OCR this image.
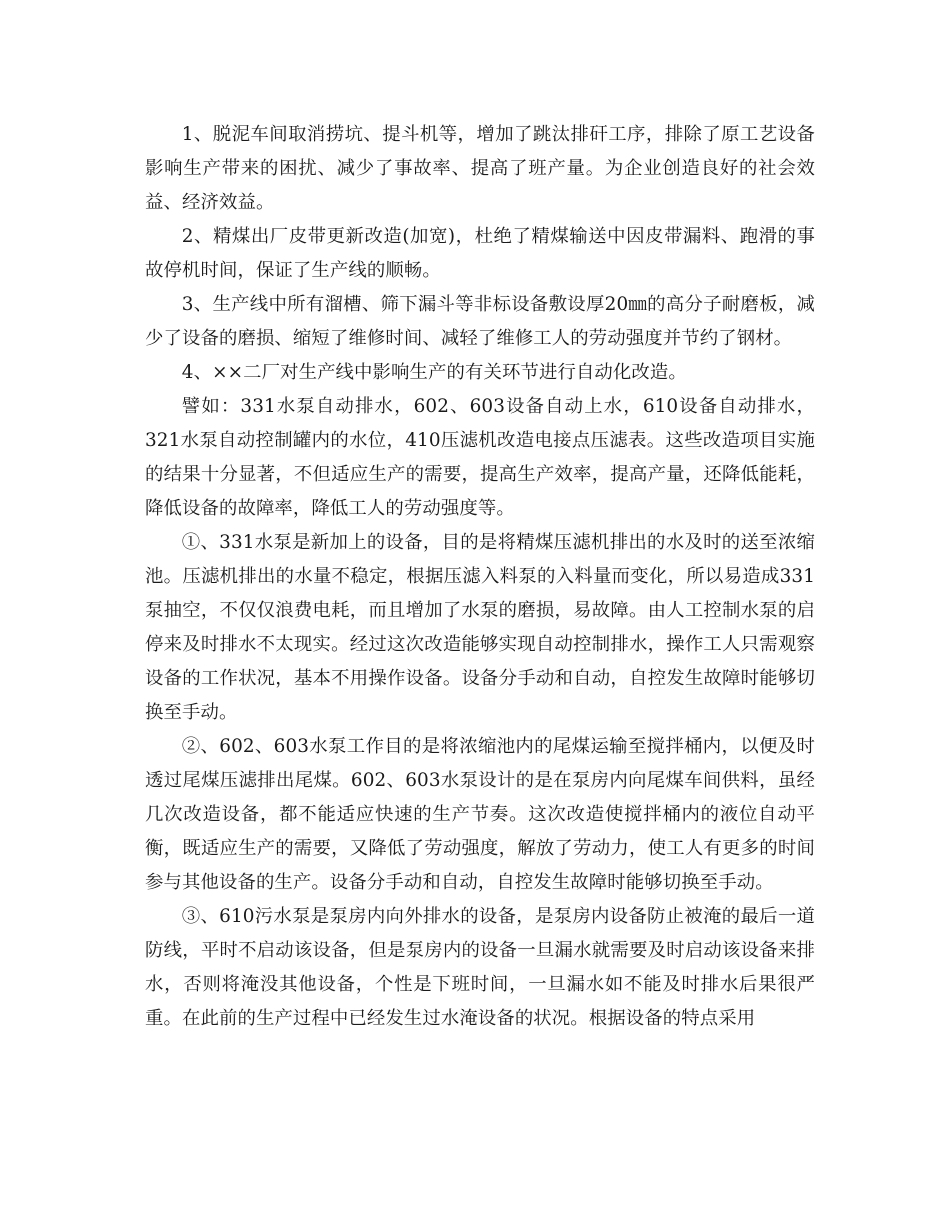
1、脱泥车间取消捞坑、提斗机等，增加了跳汰排矸工序，排除了原工艺设备影响生产带来的困扰、减少了事故率、提高了班产量。为企业创造良好的社会效益、经济效益。

2、精煤出厂皮带更新改造(加宽)，杜绝了精煤输送中因皮带漏料、跑滑的事故停机时间，保证了生产线的顺畅。

3、生产线中所有溜槽、筛下漏斗等非标设备敷设厚20㎜的高分子耐磨板，减少了设备的磨损、缩短了维修时间、减轻了维修工人的劳动强度并节约了钢材。

4、××二厂对生产线中影响生产的有关环节进行自动化改造。

譬如：331水泵自动排水，602、603设备自动上水，610设备自动排水，321水泵自动控制罐内的水位，410压滤机改造电接点压滤表。这些改造项目实施的结果十分显著，不但适应生产的需要，提高生产效率，提高产量，还降低能耗，降低设备的故障率，降低工人的劳动强度等。

①、331水泵是新加上的设备，目的是将精煤压滤机排出的水及时的送至浓缩池。压滤机排出的水量不稳定，根据压滤入料泵的入料量而变化，所以易造成331泵抽空，不仅仅浪费电耗，而且增加了水泵的磨损，易故障。由人工控制水泵的启停来及时排水不太现实。经过这次改造能够实现自动控制排水，操作工人只需观察设备的工作状况，基本不用操作设备。设备分手动和自动，自控发生故障时能够切换至手动。

②、602、603水泵工作目的是将浓缩池内的尾煤运输至搅拌桶内，以便及时透过尾煤压滤排出尾煤。602、603水泵设计的是在泵房内向尾煤车间供料，虽经几次改造设备，都不能适应快速的生产节奏。这次改造使搅拌桶内的液位自动平衡，既适应生产的需要，又降低了劳动强度，解放了劳动力，使工人有更多的时间参与其他设备的生产。设备分手动和自动，自控发生故障时能够切换至手动。

③、610污水泵是泵房内向外排水的设备，是泵房内设备防止被淹的最后一道防线，平时不启动该设备，但是泵房内的设备一旦漏水就需要及时启动该设备来排水，否则将淹没其他设备，个性是下班时间，一旦漏水如不能及时排水后果很严重。在此前的生产过程中已经发生过水淹设备的状况。根据设备的特点采用
